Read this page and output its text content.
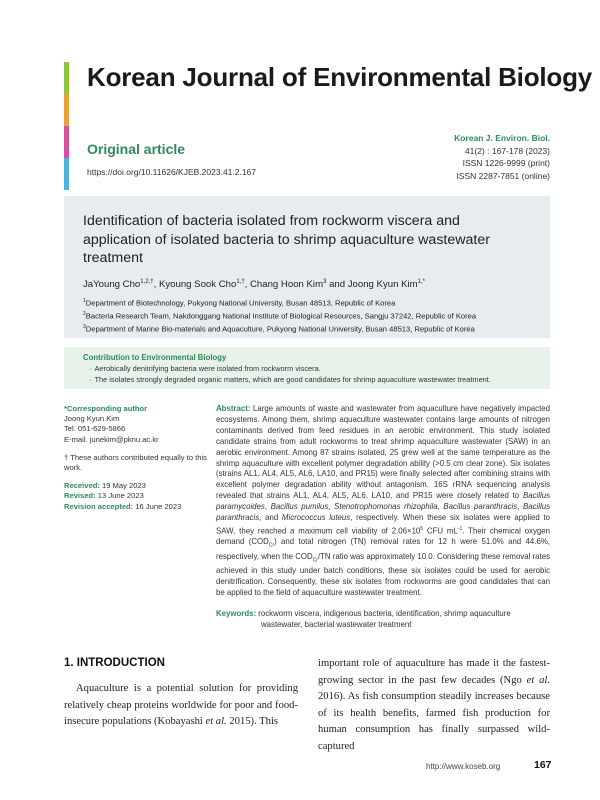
Korean Journal of Environmental Biology
Original article
https://doi.org/10.11626/KJEB.2023.41.2.167
Korean J. Environ. Biol.
41(2) : 167-178 (2023)
ISSN 1226-9999 (print)
ISSN 2287-7851 (online)
Identification of bacteria isolated from rockworm viscera and application of isolated bacteria to shrimp aquaculture wastewater treatment
JaYoung Cho$^{1,2,\dagger}$, Kyoung Sook Cho$^{1,\dagger}$, Chang Hoon Kim$^3$ and Joong Kyun Kim$^{1,*}$
$^1$Department of Biotechnology, Pukyong National University, Busan 48513, Republic of Korea
$^2$Bacteria Research Team, Nakdonggang National Institute of Biological Resources, Sangju 37242, Republic of Korea
$^3$Department of Marine Bio-materials and Aquaculture, Pukyong National University, Busan 48513, Republic of Korea
Contribution to Environmental Biology
· Aerobically denitrifying bacteria were isolated from rockworm viscera.
· The isolates strongly degraded organic matters, which are good candidates for shrimp aquaculture wastewater treatment.
*Corresponding author
Joong Kyun Kim
Tel. 051-629-5866
E-mail. junekim@pknu.ac.kr
† These authors contributed equally to this work.
Received: 19 May 2023
Revised: 13 June 2023
Revision accepted: 16 June 2023
Abstract: Large amounts of waste and wastewater from aquaculture have negatively impacted ecosystems. Among them, shrimp aquaculture wastewater contains large amounts of nitrogen contaminants derived from feed residues in an aerobic environment. This study isolated candidate strains from adult rockworms to treat shrimp aquaculture wastewater (SAW) in an aerobic environment. Among 87 strains isolated, 25 grew well at the same temperature as the shrimp aquaculture with excellent polymer degradation ability (>0.5 cm clear zone). Six isolates (strains AL1, AL4, AL5, AL6, LA10, and PR15) were finally selected after combining strains with excellent polymer degradation ability without antagonism. 16S rRNA sequencing analysis revealed that strains AL1, AL4, AL5, AL6, LA10, and PR15 were closely related to Bacillus paramycoides, Bacillus pumilus, Stenotrophomonas rhizophila, Bacillus paranthracis, Bacillus paranthracis, and Micrococcus luteus, respectively. When these six isolates were applied to SAW, they reached a maximum cell viability of $2.06\times 10^5$ CFU $mL^{-1}$. Their chemical oxygen demand $(COD_{Cr})$ and total nitrogen (TN) removal rates for 12 h were 51.0% and 44.6%, respectively, when the $COD_{Cr}/TN$ ratio was approximately 10.0. Considering these removal rates achieved in this study under batch conditions, these six isolates could be used for aerobic denitrification. Consequently, these six isolates from rockworms are good candidates that can be applied to the field of aquaculture wastewater treatment.
Keywords: rockworm viscera, indigenous bacteria, identification, shrimp aquaculture
wastewater, bacterial wastewater treatment
1. INTRODUCTION
Aquaculture is a potential solution for providing relatively cheap proteins worldwide for poor and food-insecure populations (Kobayashi et al. 2015). This
important role of aquaculture has made it the fastest-growing sector in the past few decades (Ngo et al. 2016). As fish consumption steadily increases because of its health benefits, farmed fish production for human consumption has finally surpassed wild-captured
http://www.koseb.org	167
